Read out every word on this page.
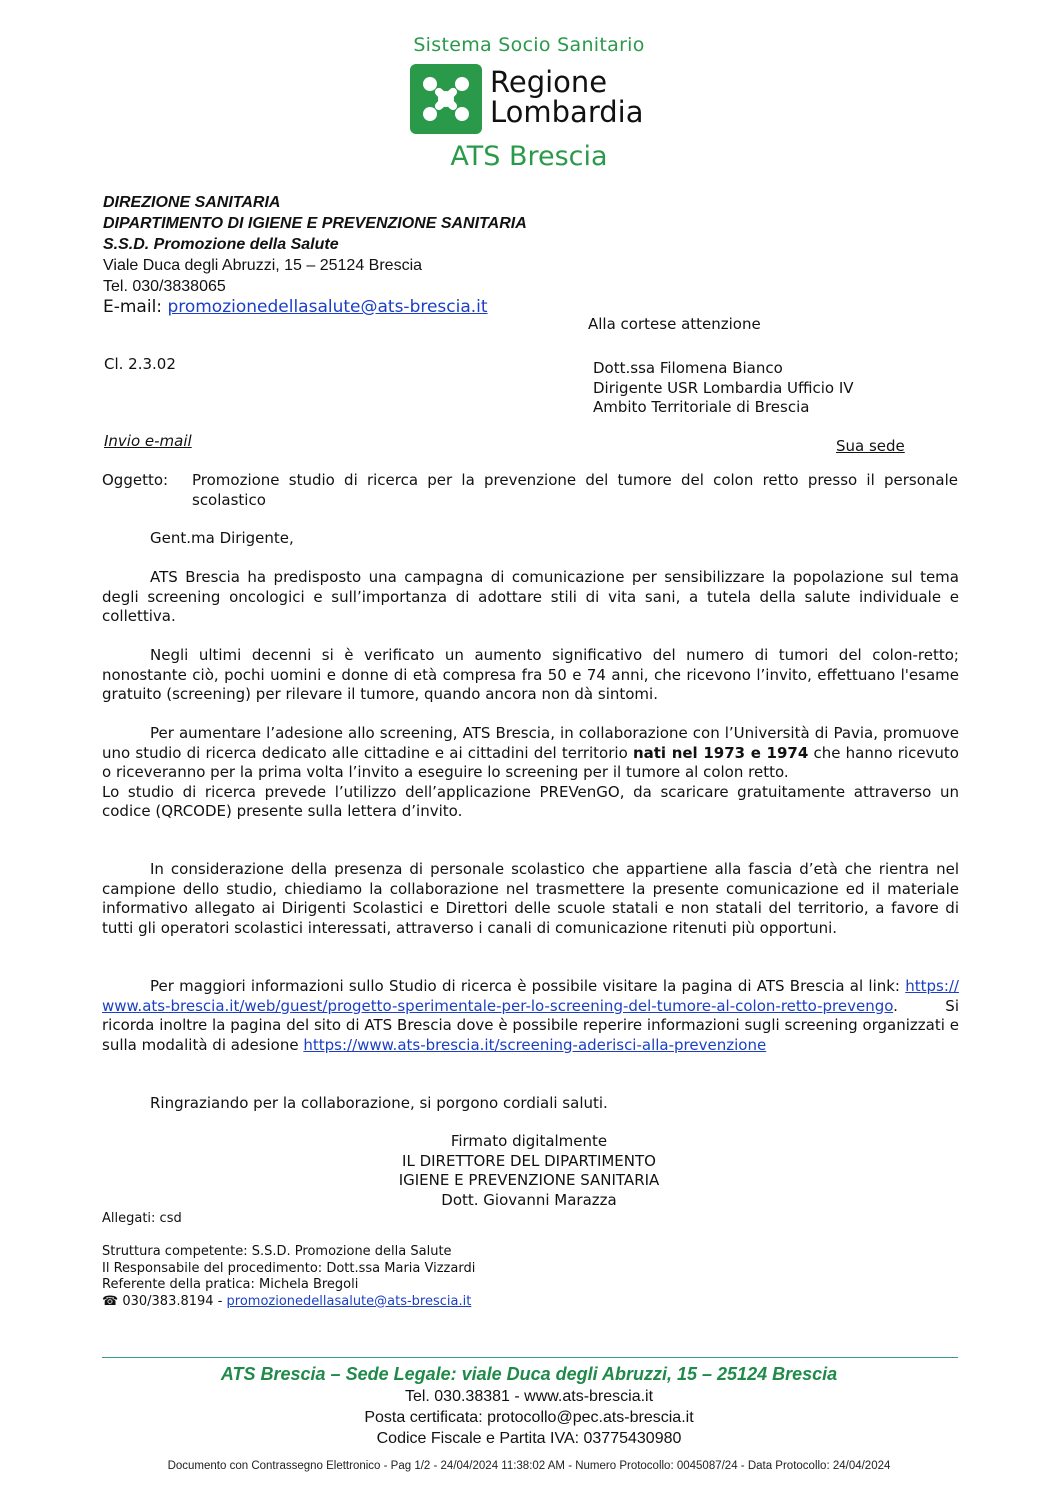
Sistema Socio Sanitario
Regione
Lombardia
ATS Brescia
DIREZIONE SANITARIA
DIPARTIMENTO DI IGIENE E PREVENZIONE SANITARIA
S.S.D. Promozione della Salute
Viale Duca degli Abruzzi, 15 – 25124 Brescia
Tel. 030/3838065
E-mail: promozionedellasalute@ats-brescia.it
Alla cortese attenzione
Cl. 2.3.02	Dott.ssa Filomena Bianco
Dirigente USR Lombardia Ufficio IV
Ambito Territoriale di Brescia
Invio e-mail	Sua sede
Oggetto: Promozione studio di ricerca per la prevenzione del tumore del colon retto presso il personale scolastico

Gent.ma Dirigente,

ATS Brescia ha predisposto una campagna di comunicazione per sensibilizzare la popolazione sul tema degli screening oncologici e sull’importanza di adottare stili di vita sani, a tutela della salute individuale e collettiva.

Negli ultimi decenni si è verificato un aumento significativo del numero di tumori del colon-retto; nonostante ciò, pochi uomini e donne di età compresa fra 50 e 74 anni, che ricevono l’invito, effettuano l'esame gratuito (screening) per rilevare il tumore, quando ancora non dà sintomi.

Per aumentare l’adesione allo screening, ATS Brescia, in collaborazione con l’Università di Pavia, promuove uno studio di ricerca dedicato alle cittadine e ai cittadini del territorio nati nel 1973 e 1974 che hanno ricevuto o riceveranno per la prima volta l’invito a eseguire lo screening per il tumore al colon retto.

Lo studio di ricerca prevede l’utilizzo dell’applicazione PREVenGO, da scaricare gratuitamente attraverso un codice (QRCODE) presente sulla lettera d’invito.

In considerazione della presenza di personale scolastico che appartiene alla fascia d’età che rientra nel campione dello studio, chiediamo la collaborazione nel trasmettere la presente comunicazione ed il materiale informativo allegato ai Dirigenti Scolastici e Direttori delle scuole statali e non statali del territorio, a favore di tutti gli operatori scolastici interessati, attraverso i canali di comunicazione ritenuti più opportuni.

Per maggiori informazioni sullo Studio di ricerca è possibile visitare la pagina di ATS Brescia al link: https://www.ats-brescia.it/web/guest/progetto-sperimentale-per-lo-screening-del-tumore-al-colon-retto-prevengo. Si ricorda inoltre la pagina del sito di ATS Brescia dove è possibile reperire informazioni sugli screening organizzati e sulla modalità di adesione https://www.ats-brescia.it/screening-aderisci-alla-prevenzione

Ringraziando per la collaborazione, si porgono cordiali saluti.

Firmato digitalmente
IL DIRETTORE DEL DIPARTIMENTO
IGIENE E PREVENZIONE SANITARIA
Dott. Giovanni Marazza
Allegati: csd
Struttura competente: S.S.D. Promozione della Salute
Il Responsabile del procedimento: Dott.ssa Maria Vizzardi
Referente della pratica: Michela Bregoli
☎ 030/383.8194 - promozionedellasalute@ats-brescia.it
ATS Brescia – Sede Legale: viale Duca degli Abruzzi, 15 – 25124 Brescia
Tel. 030.38381 - www.ats-brescia.it
Posta certificata: protocollo@pec.ats-brescia.it
Codice Fiscale e Partita IVA: 03775430980
Documento con Contrassegno Elettronico - Pag 1/2 - 24/04/2024 11:38:02 AM - Numero Protocollo: 0045087/24 - Data Protocollo: 24/04/2024
